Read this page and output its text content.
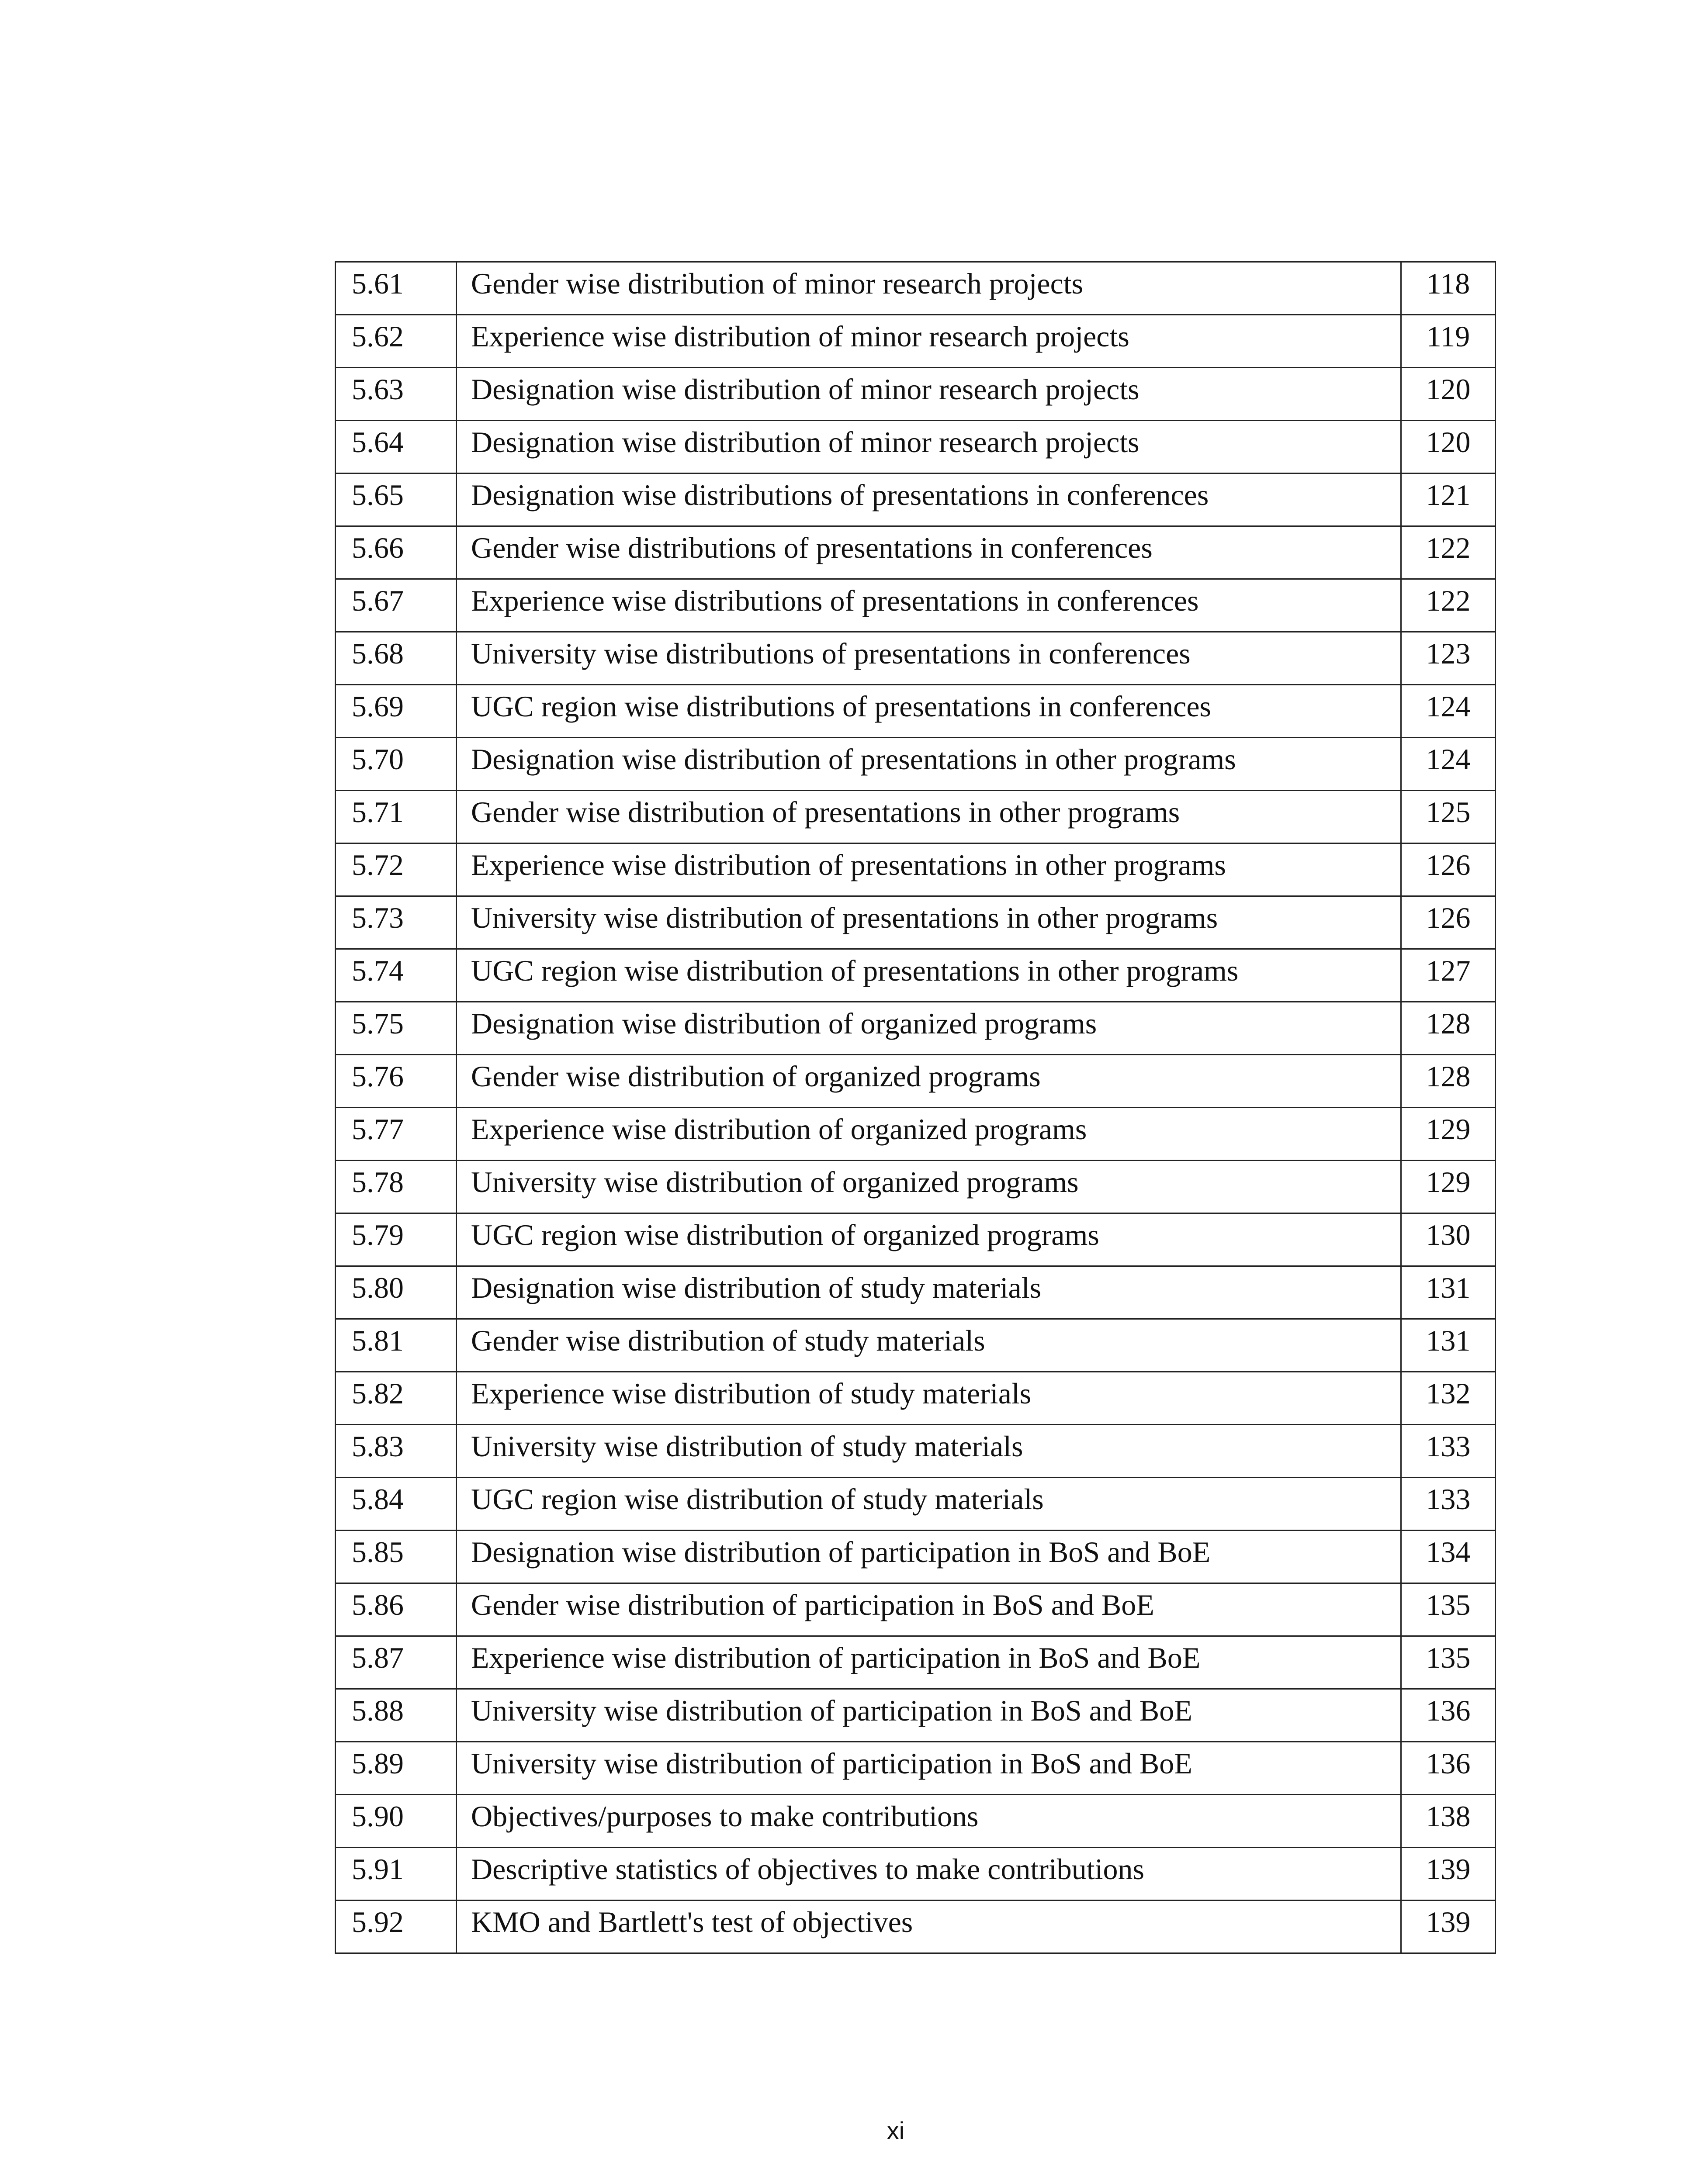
5.61	Gender wise distribution of minor research projects	118
5.62	Experience wise distribution of minor research projects	119
5.63	Designation wise distribution of minor research projects	120
5.64	Designation wise distribution of minor research projects	120
5.65	Designation wise distributions of presentations in conferences	121
5.66	Gender wise distributions of presentations in conferences	122
5.67	Experience wise distributions of presentations in conferences	122
5.68	University wise distributions of presentations in conferences	123
5.69	UGC region wise distributions of presentations in conferences	124
5.70	Designation wise distribution of presentations in other programs	124
5.71	Gender wise distribution of presentations in other programs	125
5.72	Experience wise distribution of presentations in other programs	126
5.73	University wise distribution of presentations in other programs	126
5.74	UGC region wise distribution of presentations in other programs	127
5.75	Designation wise distribution of organized programs	128
5.76	Gender wise distribution of organized programs	128
5.77	Experience wise distribution of organized programs	129
5.78	University wise distribution of organized programs	129
5.79	UGC region wise distribution of organized programs	130
5.80	Designation wise distribution of study materials	131
5.81	Gender wise distribution of study materials	131
5.82	Experience wise distribution of study materials	132
5.83	University wise distribution of study materials	133
5.84	UGC region wise distribution of study materials	133
5.85	Designation wise distribution of participation in BoS and BoE	134
5.86	Gender wise distribution of participation in BoS and BoE	135
5.87	Experience wise distribution of participation in BoS and BoE	135
5.88	University wise distribution of participation in BoS and BoE	136
5.89	University wise distribution of participation in BoS and BoE	136
5.90	Objectives/purposes to make contributions	138
5.91	Descriptive statistics of objectives to make contributions	139
5.92	KMO and Bartlett's test of objectives	139
xi
